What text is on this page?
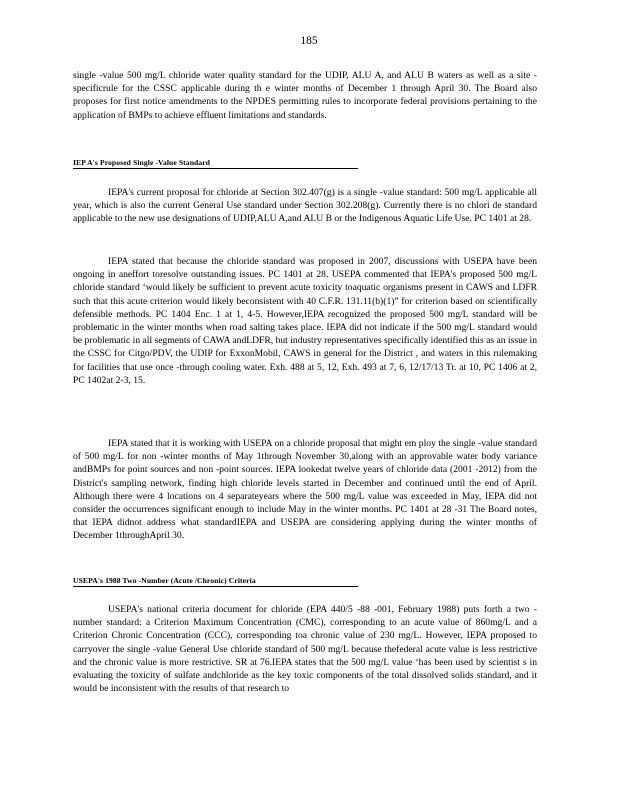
185

single -value 500 mg/L chloride water quality standard for the UDIP, ALU A, and ALU B waters as well as a site -specificrule for the CSSC applicable during th e winter months of December 1 through April 30. The Board also proposes for first notice amendments to the NPDES permitting rules to incorporate federal provisions pertaining to the application of BMPs to achieve effluent limitations and standards.

IEP A's Proposed Single -Value Standard

IEPA's current proposal for chloride at Section 302.407(g) is a single -value standard: 500 mg/L applicable all year, which is also the current General Use standard under Section 302.208(g). Currently there is no chlori de standard applicable to the new use designations of UDIP,ALU A,and ALU B or the Indigenous Aquatic Life Use. PC 1401 at 28.

IEPA stated that because the chloride standard was proposed in 2007, discussions with USEPA have been ongoing in aneffort toresolve outstanding issues. PC 1401 at 28. USEPA commented that IEPA's proposed 500 mg/L chloride standard ‘would likely be sufficient to prevent acute toxicity toaquatic organisms present in CAWS and LDFR such that this acute criterion would likely beconsistent with 40 C.F.R. 131.11(b)(1)” for criterion based on scientifically defensible methods. PC 1404 Enc. 1 at 1, 4-5. However,IEPA recognized the proposed 500 mg/L standard will be problematic in the winter months when road salting takes place. IEPA did not indicate if the 500 mg/L standard would be problematic in all segments of CAWA andLDFR, but industry representatives specifically identified this as an issue in the CSSC for Citgo/PDV, the UDIP for ExxonMobil, CAWS in general for the District , and waters in this rulemaking for facilities that use once -through cooling water. Exh. 488 at 5, 12, Exh. 493 at 7, 6, 12/17/13 Tr. at 10, PC 1406 at 2, PC 1402at 2-3, 15.

IEPA stated that it is working with USEPA on a chloride proposal that might em ploy the single -value standard of 500 mg/L for non -winter months of May 1through November 30,along with an approvable water body variance andBMPs for point sources and non -point sources. IEPA lookedat twelve years of chloride data (2001 -2012) from the District's sampling network, finding high chloride levels started in December and continued until the end of April. Although there were 4 locations on 4 separateyears where the 500 mg/L value was exceeded in May, IEPA did not consider the occurrences significant enough to include May in the winter months. PC 1401 at 28 -31 The Board notes, that IEPA didnot address what standardIEPA and USEPA are considering applying during the winter months of December 1throughApril 30.

USEPA's 1988 Two -Number (Acute /Chronic) Criteria

USEPA's national criteria document for chloride (EPA 440/5 -88 -001, February 1988) puts forth a two -number standard: a Criterion Maximum Concentration (CMC), corresponding to an acute value of 860mg/L and a Criterion Chronic Concentration (CCC), corresponding toa chronic value of 230 mg/L. However, IEPA proposed to carryover the single -value General Use chloride standard of 500 mg/L because thefederal acute value is less restrictive and the chronic value is more restrictive. SR at 76.IEPA states that the 500 mg/L value ‘has been used by scientist s in evaluating the toxicity of sulfate andchloride as the key toxic components of the total dissolved solids standard, and it would be inconsistent with the results of that research to
